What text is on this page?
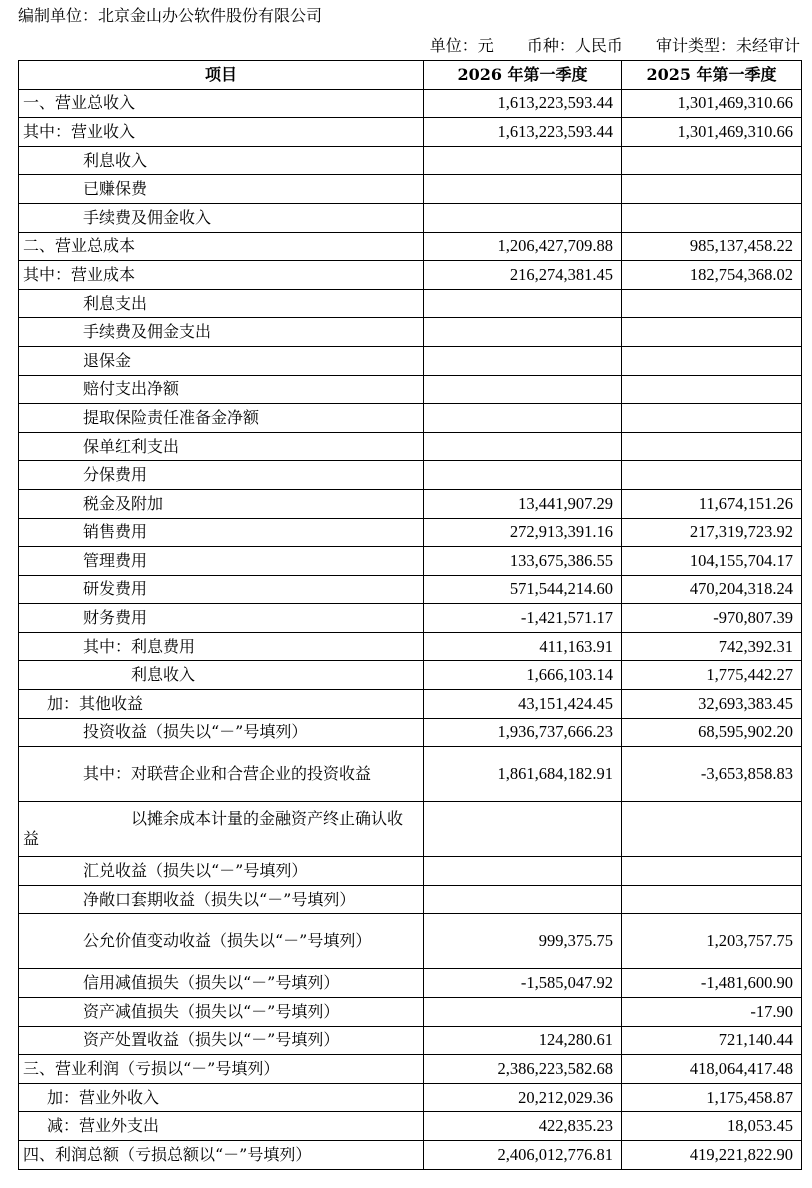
编制单位：北京金山办公软件股份有限公司
单位：元 币种：人民币 审计类型：未经审计
项目	2026 年第一季度	2025 年第一季度

一、营业总收入	1,613,223,593.44	1,301,469,310.66

其中：营业收入	1,613,223,593.44	1,301,469,310.66

利息收入		

已赚保费		

手续费及佣金收入		

二、营业总成本	1,206,427,709.88	985,137,458.22

其中：营业成本	216,274,381.45	182,754,368.02

利息支出		

手续费及佣金支出		

退保金		

赔付支出净额		

提取保险责任准备金净额		

保单红利支出		

分保费用		

税金及附加	13,441,907.29	11,674,151.26

销售费用	272,913,391.16	217,319,723.92

管理费用	133,675,386.55	104,155,704.17

研发费用	571,544,214.60	470,204,318.24

财务费用	-1,421,571.17	-970,807.39

其中：利息费用	411,163.91	742,392.31

利息收入	1,666,103.14	1,775,442.27

加：其他收益	43,151,424.45	32,693,383.45

投资收益（损失以“－”号填列）	1,936,737,666.23	68,595,902.20

其中：对联营企业和合营企业的投资收益	1,861,684,182.91	-3,653,858.83

以摊余成本计量的金融资产终止确认收益		

汇兑收益（损失以“－”号填列）		

净敞口套期收益（损失以“－”号填列）		

公允价值变动收益（损失以“－”号填列）	999,375.75	1,203,757.75

信用减值损失（损失以“－”号填列）	-1,585,047.92	-1,481,600.90

资产减值损失（损失以“－”号填列）		-17.90

资产处置收益（损失以“－”号填列）	124,280.61	721,140.44

三、营业利润（亏损以“－”号填列）	2,386,223,582.68	418,064,417.48

加：营业外收入	20,212,029.36	1,175,458.87

减：营业外支出	422,835.23	18,053.45

四、利润总额（亏损总额以“－”号填列）	2,406,012,776.81	419,221,822.90
